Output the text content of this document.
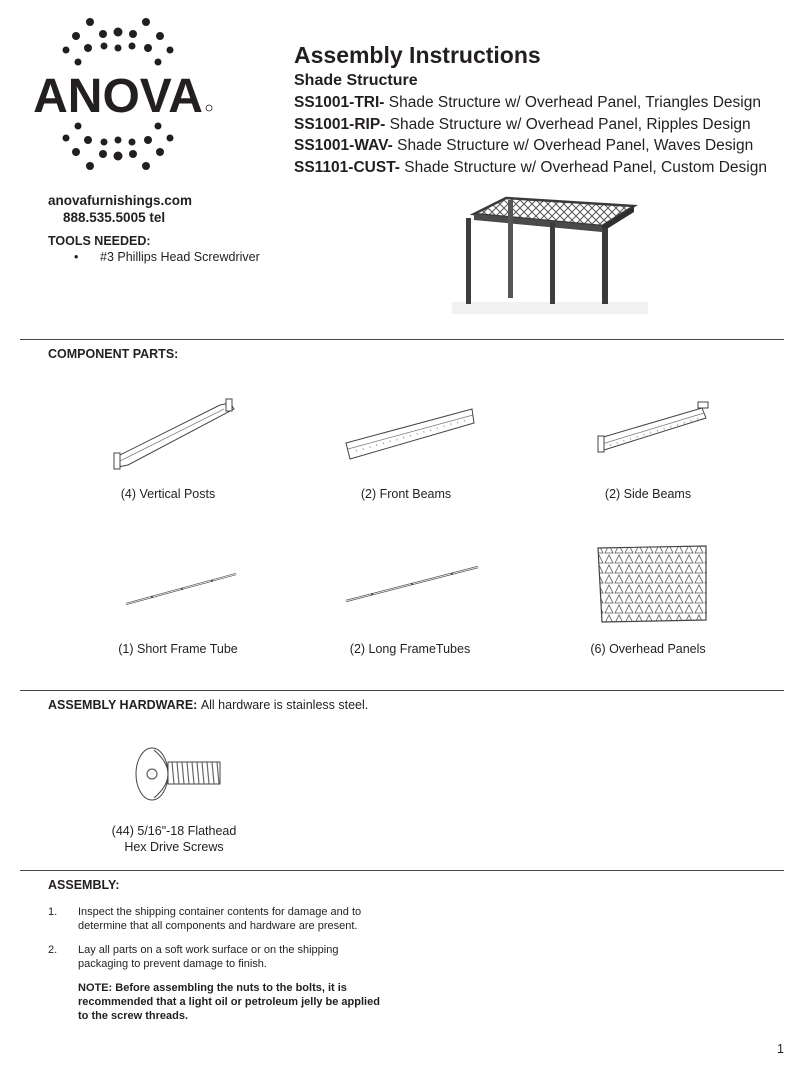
ANOVA
Assembly Instructions
Shade Structure
SS1001-TRI- Shade Structure w/ Overhead Panel, Triangles Design
SS1001-RIP- Shade Structure w/ Overhead Panel, Ripples Design
SS1001-WAV- Shade Structure w/ Overhead Panel, Waves Design
SS1101-CUST- Shade Structure w/ Overhead Panel, Custom Design
anovafurnishings.com
888.535.5005 tel
TOOLS NEEDED:
• #3 Phillips Head Screwdriver
COMPONENT PARTS:
(4) Vertical Posts	(2) Front Beams	(2) Side Beams
(1) Short Frame Tube	(2) Long FrameTubes	(6) Overhead Panels
ASSEMBLY HARDWARE: All hardware is stainless steel.
(44) 5/16"-18 Flathead
Hex Drive Screws
ASSEMBLY:
1.	Inspect the shipping container contents for damage and to determine that all components and hardware are present.
2.	Lay all parts on a soft work surface or on the shipping packaging to prevent damage to finish.
NOTE: Before assembling the nuts to the bolts, it is recommended that a light oil or petroleum jelly be applied to the screw threads.
1
